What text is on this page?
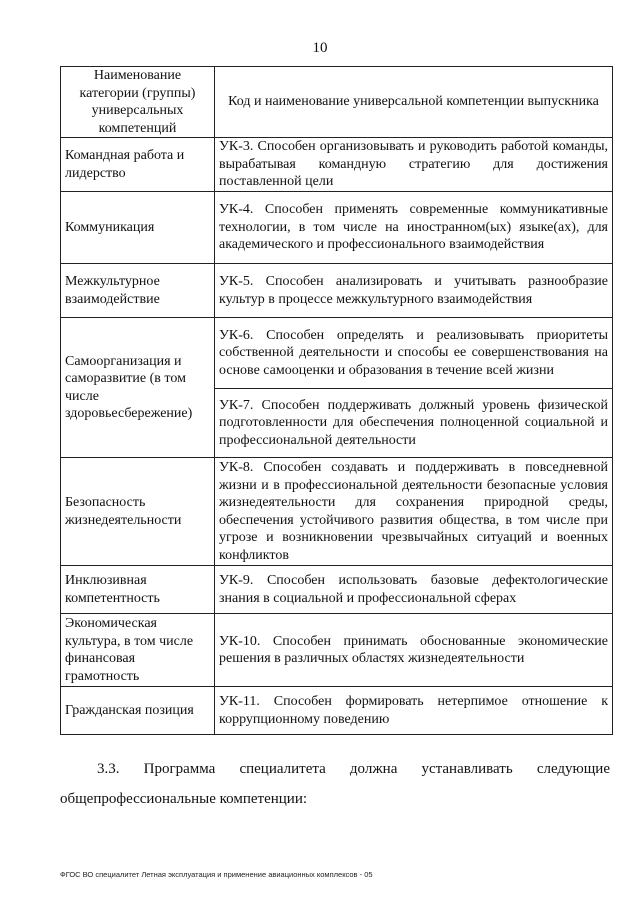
10
Наименование категории (группы) универсальных компетенций	Код и наименование универсальной компетенции выпускника
Командная работа и лидерство	УК-3. Способен организовывать и руководить работой команды, вырабатывая командную стратегию для достижения поставленной цели
Коммуникация	УК-4. Способен применять современные коммуникативные технологии, в том числе на иностранном(ых) языке(ах), для академического и профессионального взаимодействия
Межкультурное взаимодействие	УК-5. Способен анализировать и учитывать разнообразие культур в процессе межкультурного взаимодействия
Самоорганизация и саморазвитие (в том числе здоровьесбережение)	УК-6. Способен определять и реализовывать приоритеты собственной деятельности и способы ее совершенствования на основе самооценки и образования в течение всей жизни
	УК-7. Способен поддерживать должный уровень физической подготовленности для обеспечения полноценной социальной и профессиональной деятельности
Безопасность жизнедеятельности	УК-8. Способен создавать и поддерживать в повседневной жизни и в профессиональной деятельности безопасные условия жизнедеятельности для сохранения природной среды, обеспечения устойчивого развития общества, в том числе при угрозе и возникновении чрезвычайных ситуаций и военных конфликтов
Инклюзивная компетентность	УК-9. Способен использовать базовые дефектологические знания в социальной и профессиональной сферах
Экономическая культура, в том числе финансовая грамотность	УК-10. Способен принимать обоснованные экономические решения в различных областях жизнедеятельности
Гражданская позиция	УК-11. Способен формировать нетерпимое отношение к коррупционному поведению
3.3. Программа специалитета должна устанавливать следующие
общепрофессиональные компетенции:
ФГОС ВО специалитет Летная эксплуатация и применение авиационных комплексов - 05
